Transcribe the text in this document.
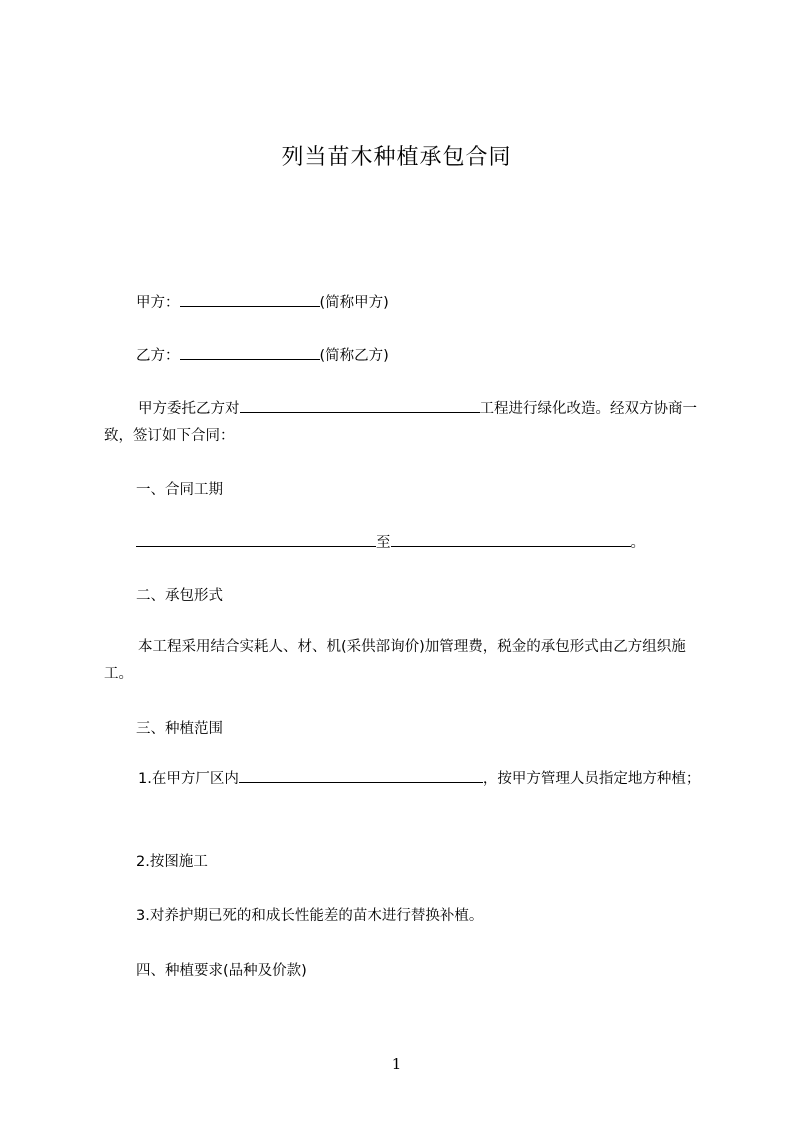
列当苗木种植承包合同
甲方：	(简称甲方)
乙方：	(简称乙方)
甲方委托乙方对	工程进行绿化改造。经双方协商一致，签订如下合同：
一、合同工期
至	。
二、承包形式
本工程采用结合实耗人、材、机(采供部询价)加管理费，税金的承包形式由乙方组织施工。
三、种植范围
1.在甲方厂区内	，按甲方管理人员指定地方种植；
2.按图施工
3.对养护期已死的和成长性能差的苗木进行替换补植。
四、种植要求(品种及价款)
1
